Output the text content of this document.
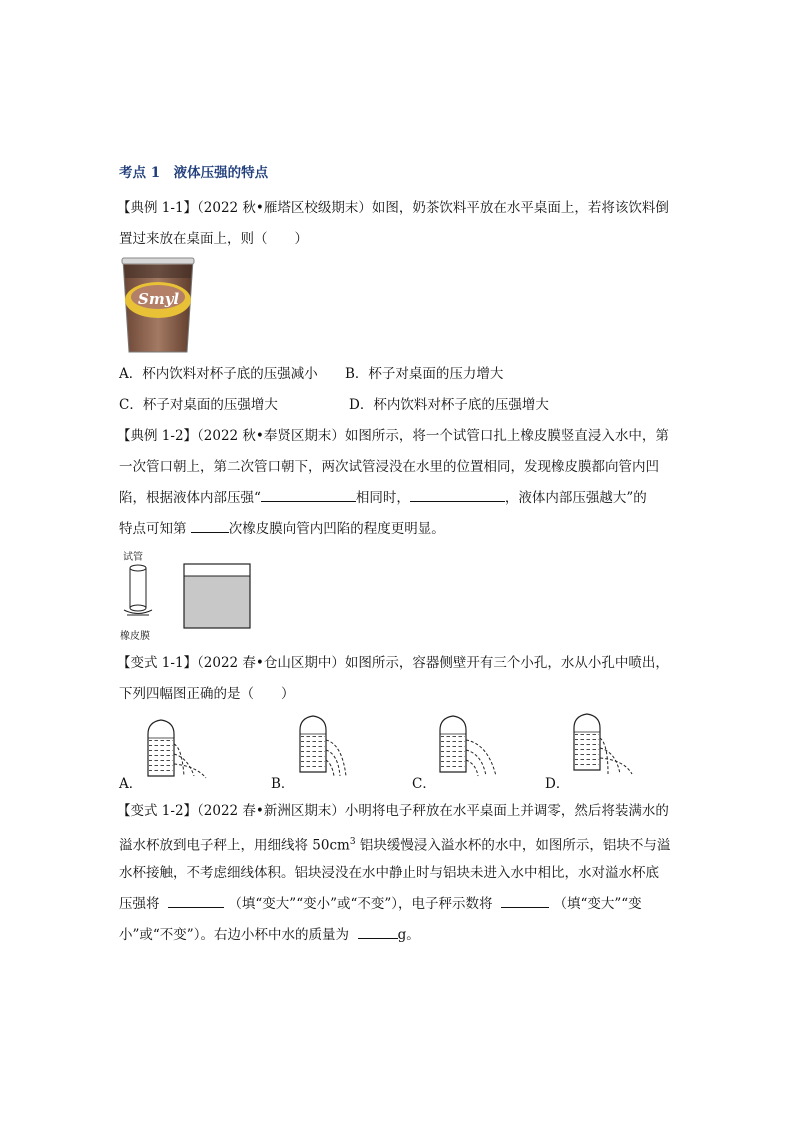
考点 1　液体压强的特点
【典例 1-1】（2022 秋•雁塔区校级期末）如图，奶茶饮料平放在水平桌面上，若将该饮料倒
置过来放在桌面上，则（　　）
Smyl
A．杯内饮料对杯子底的压强减小 B．杯子对桌面的压力增大
C．杯子对桌面的压强增大	D．杯内饮料对杯子底的压强增大
【典例 1-2】（2022 秋•奉贤区期末）如图所示，将一个试管口扎上橡皮膜竖直浸入水中，第
一次管口朝上，第二次管口朝下，两次试管浸没在水里的位置相同，发现橡皮膜都向管内凹
陷，根据液体内部压强“	相同时，	，液体内部压强越大”的
特点可知第	次橡皮膜向管内凹陷的程度更明显。
试管
橡皮膜
【变式 1-1】（2022 春•仓山区期中）如图所示，容器侧壁开有三个小孔，水从小孔中喷出，
下列四幅图正确的是（　　）
A．	B．	C．	D．
【变式 1-2】（2022 春•新洲区期末）小明将电子秤放在水平桌面上并调零，然后将装满水的
溢水杯放到电子秤上，用细线将 $50cm^3$ 铝块缓慢浸入溢水杯的水中，如图所示，铝块不与溢
水杯接触，不考虑细线体积。铝块浸没在水中静止时与铝块未进入水中相比，水对溢水杯底
压强将	（填“变大”“变小”或“不变”），电子秤示数将	（填“变大”“变
小”或“不变”）。右边小杯中水的质量为	g。
